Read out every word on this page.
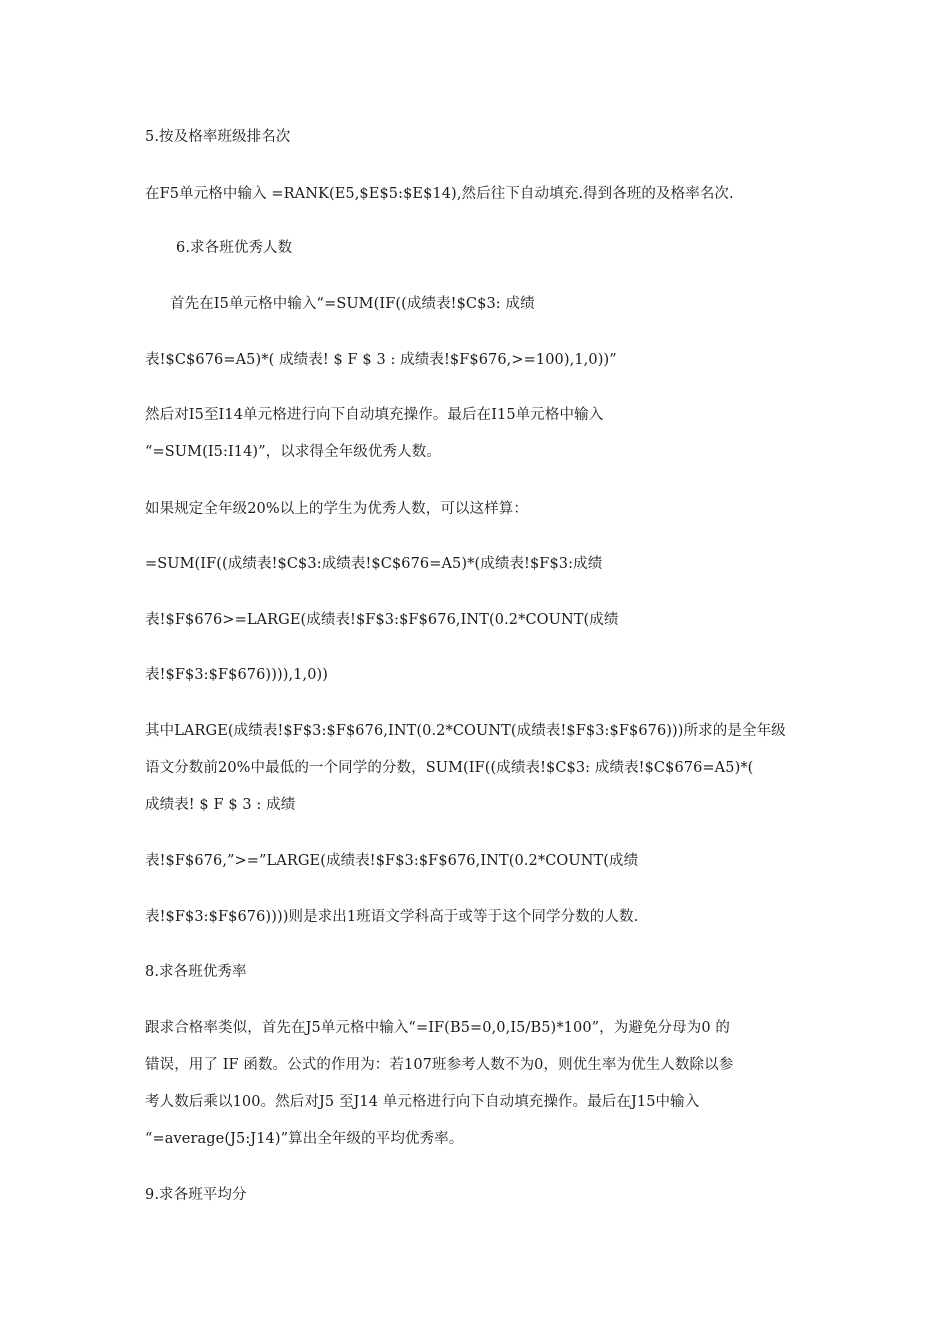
5.按及格率班级排名次
在F5单元格中输入 =RANK(E5,$E$5:$E$14),然后往下自动填充.得到各班的及格率名次.
6.求各班优秀人数
首先在I5单元格中输入“=SUM(IF((成绩表!$C$3: 成绩
表!$C$676=A5)*( 成绩表! $ F $ 3 : 成绩表!$F$676,>=100),1,0))”
然后对I5至I14单元格进行向下自动填充操作。最后在I15单元格中输入
“=SUM(I5:I14)”，以求得全年级优秀人数。
如果规定全年级20%以上的学生为优秀人数，可以这样算：
=SUM(IF((成绩表!$C$3:成绩表!$C$676=A5)*(成绩表!$F$3:成绩
表!$F$676>=LARGE(成绩表!$F$3:$F$676,INT(0.2*COUNT(成绩
表!$F$3:$F$676)))),1,0))
其中LARGE(成绩表!$F$3:$F$676,INT(0.2*COUNT(成绩表!$F$3:$F$676)))所求的是全年级
语文分数前20%中最低的一个同学的分数，SUM(IF((成绩表!$C$3: 成绩表!$C$676=A5)*(
成绩表! $ F $ 3 : 成绩
表!$F$676,”>=”LARGE(成绩表!$F$3:$F$676,INT(0.2*COUNT(成绩
表!$F$3:$F$676))))则是求出1班语文学科高于或等于这个同学分数的人数.
8.求各班优秀率
跟求合格率类似，首先在J5单元格中输入“=IF(B5=0,0,I5/B5)*100”，为避免分母为0 的
错误，用了 IF 函数。公式的作用为：若107班参考人数不为0，则优生率为优生人数除以参
考人数后乘以100。然后对J5 至J14 单元格进行向下自动填充操作。最后在J15中输入
“=average(J5:J14)”算出全年级的平均优秀率。
9.求各班平均分
